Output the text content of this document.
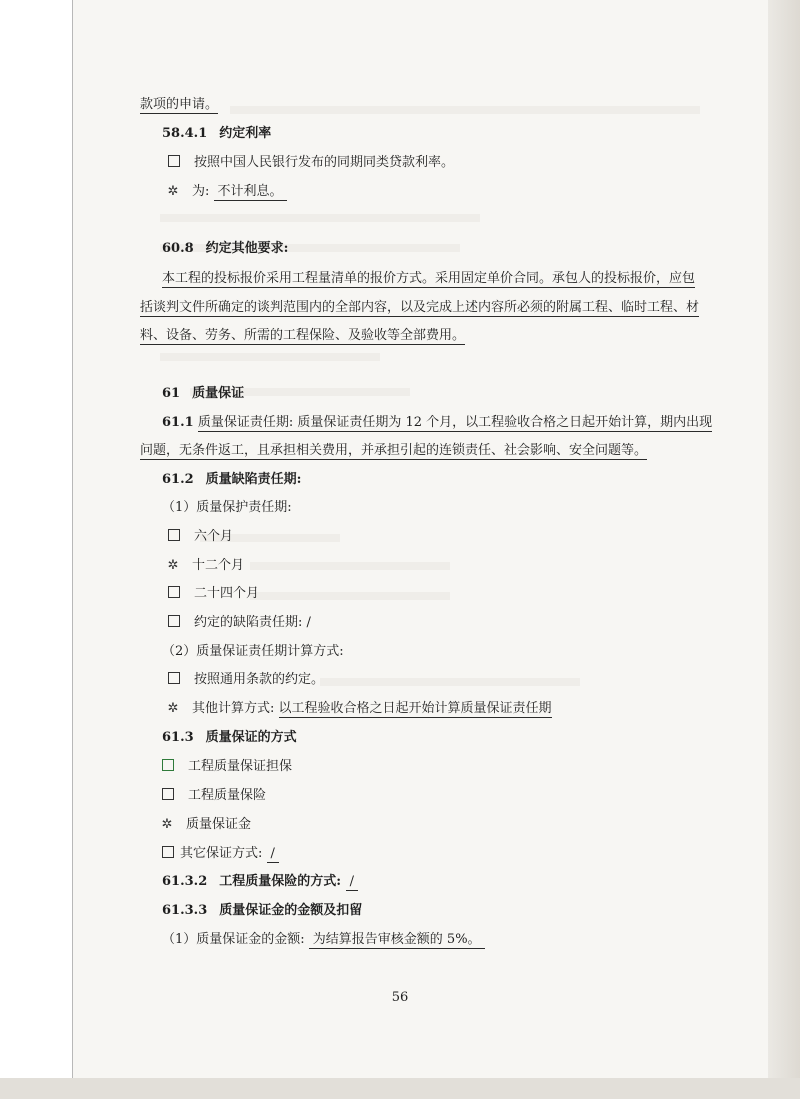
款项的申请。
58.4.1 约定利率
按照中国人民银行发布的同期同类贷款利率。
✲ 为: 不计利息。
60.8 约定其他要求:
本工程的投标报价采用工程量清单的报价方式。采用固定单价合同。承包人的投标报价，应包
括谈判文件所确定的谈判范围内的全部内容，以及完成上述内容所必须的附属工程、临时工程、材
料、设备、劳务、所需的工程保险、及验收等全部费用。
61 质量保证
61.1 质量保证责任期: 质量保证责任期为 12 个月，以工程验收合格之日起开始计算，期内出现
问题，无条件返工，且承担相关费用，并承担引起的连锁责任、社会影响、安全问题等。
61.2 质量缺陷责任期:
（1）质量保护责任期:
六个月
✲ 十二个月
二十四个月
约定的缺陷责任期: /
（2）质量保证责任期计算方式:
按照通用条款的约定。
✲ 其他计算方式: 以工程验收合格之日起开始计算质量保证责任期
61.3 质量保证的方式
工程质量保证担保
工程质量保险
✲ 质量保证金
其它保证方式: /
61.3.2 工程质量保险的方式: /
61.3.3 质量保证金的金额及扣留
（1）质量保证金的金额: 为结算报告审核金额的 5%。
56
